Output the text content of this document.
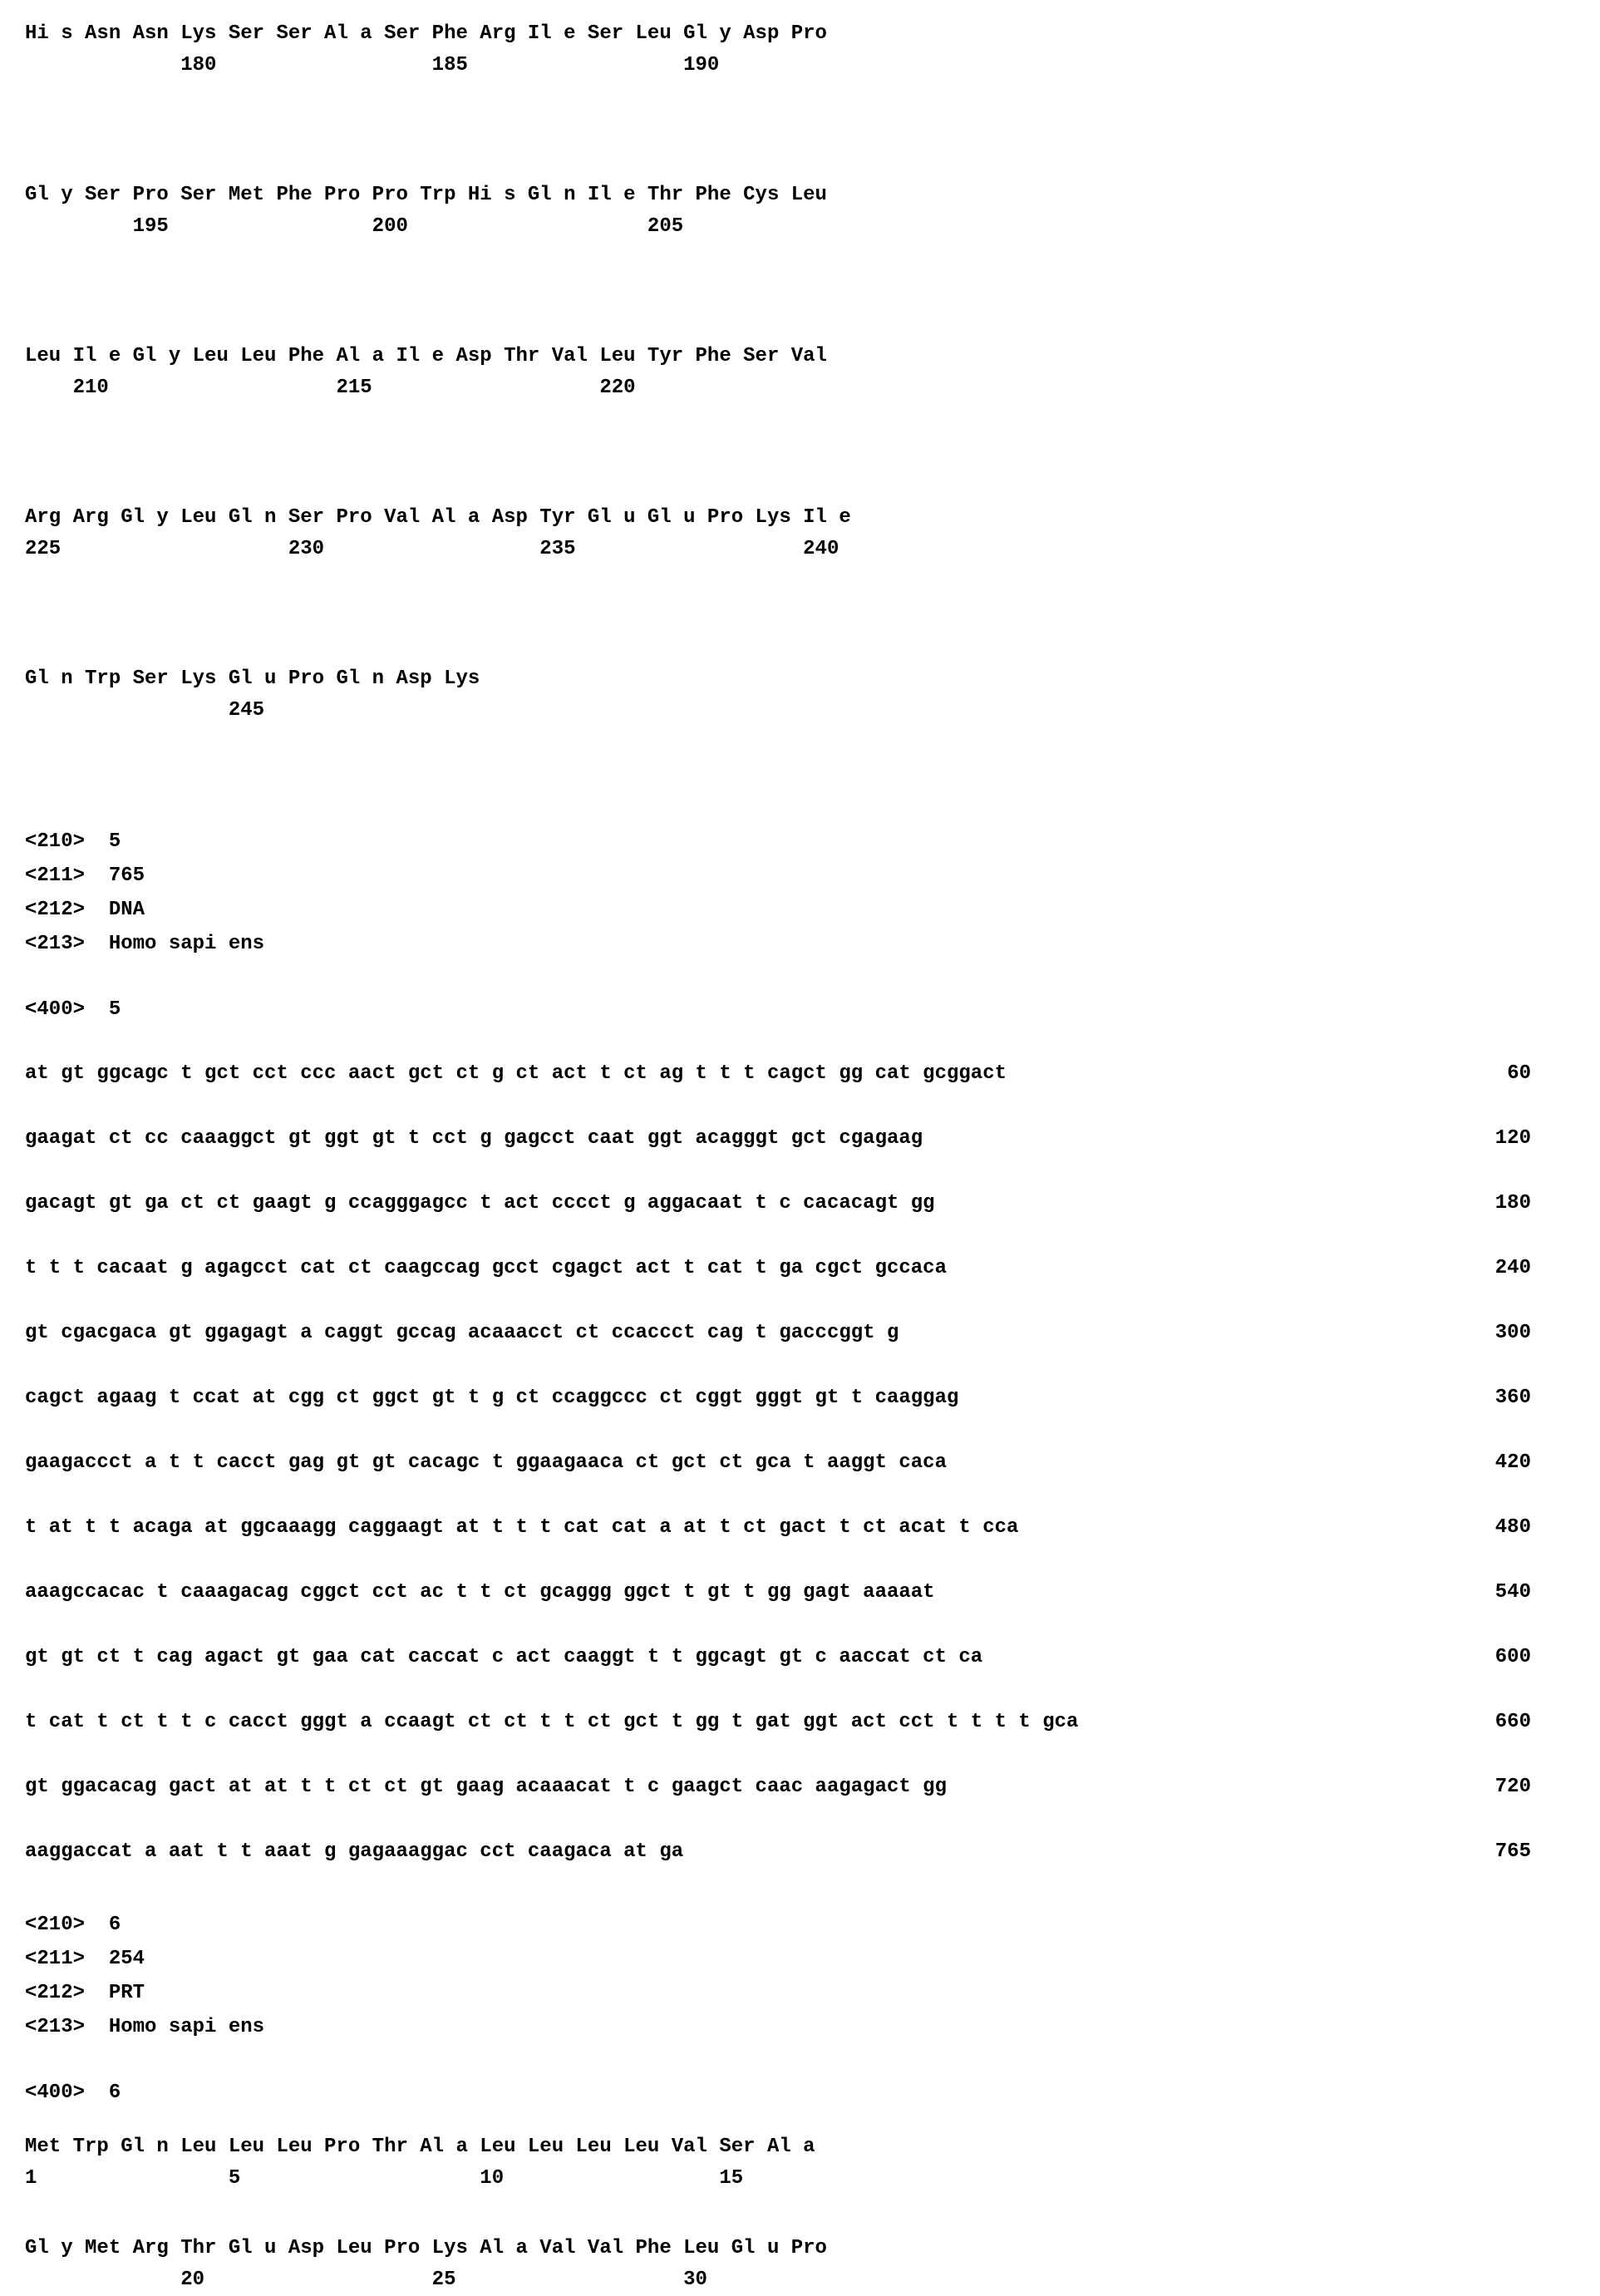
Hi s Asn Asn Lys Ser Ser Al a Ser Phe Arg Il e Ser Leu Gl y Asp Pro
180                  185                  190
Gl y Ser Pro Ser Met Phe Pro Pro Trp Hi s Gl n Il e Thr Phe Cys Leu
195                 200                    205
Leu Il e Gl y Leu Leu Phe Al a Il e Asp Thr Val Leu Tyr Phe Ser Val
210                   215                   220
Arg Arg Gl y Leu Gl n Ser Pro Val Al a Asp Tyr Gl u Gl u Pro Lys Il e
225                   230                  235                   240
Gl n Trp Ser Lys Gl u Pro Gl n Asp Lys
245
<210>  5
<211>  765
<212>  DNA
<213>  Homo sapi ens
<400>  5
at gt ggcagc t gct cct ccc aact gct ct g ct act t ct ag t t t cagct gg cat gcggact	60
gaagat ct cc caaaggct gt ggt gt t cct g gagcct caat ggt acagggt gct cgagaag	120
gacagt gt ga ct ct gaagt g ccagggagcc t act cccct g aggacaat t c cacacagt gg	180
t t t cacaat g agagcct cat ct caagccag gcct cgagct act t cat t ga cgct gccaca	240
gt cgacgaca gt ggagagt a caggt gccag acaaacct ct ccaccct cag t gacccggt g	300
cagct agaag t ccat at cgg ct ggct gt t g ct ccaggccc ct cggt gggt gt t caaggag	360
gaagaccct a t t cacct gag gt gt cacagc t ggaagaaca ct gct ct gca t aaggt caca	420
t at t t acaga at ggcaaagg caggaagt at t t t cat cat a at t ct gact t ct acat t cca	480
aaagccacac t caaagacag cggct cct ac t t ct gcaggg ggct t gt t gg gagt aaaaat	540
gt gt ct t cag agact gt gaa cat caccat c act caaggt t t ggcagt gt c aaccat ct ca	600
t cat t ct t t c cacct gggt a ccaagt ct ct t t ct gct t gg t gat ggt act cct t t t t gca	660
gt ggacacag gact at at t t ct ct gt gaag acaaacat t c gaagct caac aagagact gg	720
aaggaccat a aat t t aaat g gagaaaggac cct caagaca at ga	765
<210>  6
<211>  254
<212>  PRT
<213>  Homo sapi ens
<400>  6
Met Trp Gl n Leu Leu Leu Pro Thr Al a Leu Leu Leu Leu Val Ser Al a
1                5                    10                  15
Gl y Met Arg Thr Gl u Asp Leu Pro Lys Al a Val Val Phe Leu Gl u Pro
20                   25                   30
